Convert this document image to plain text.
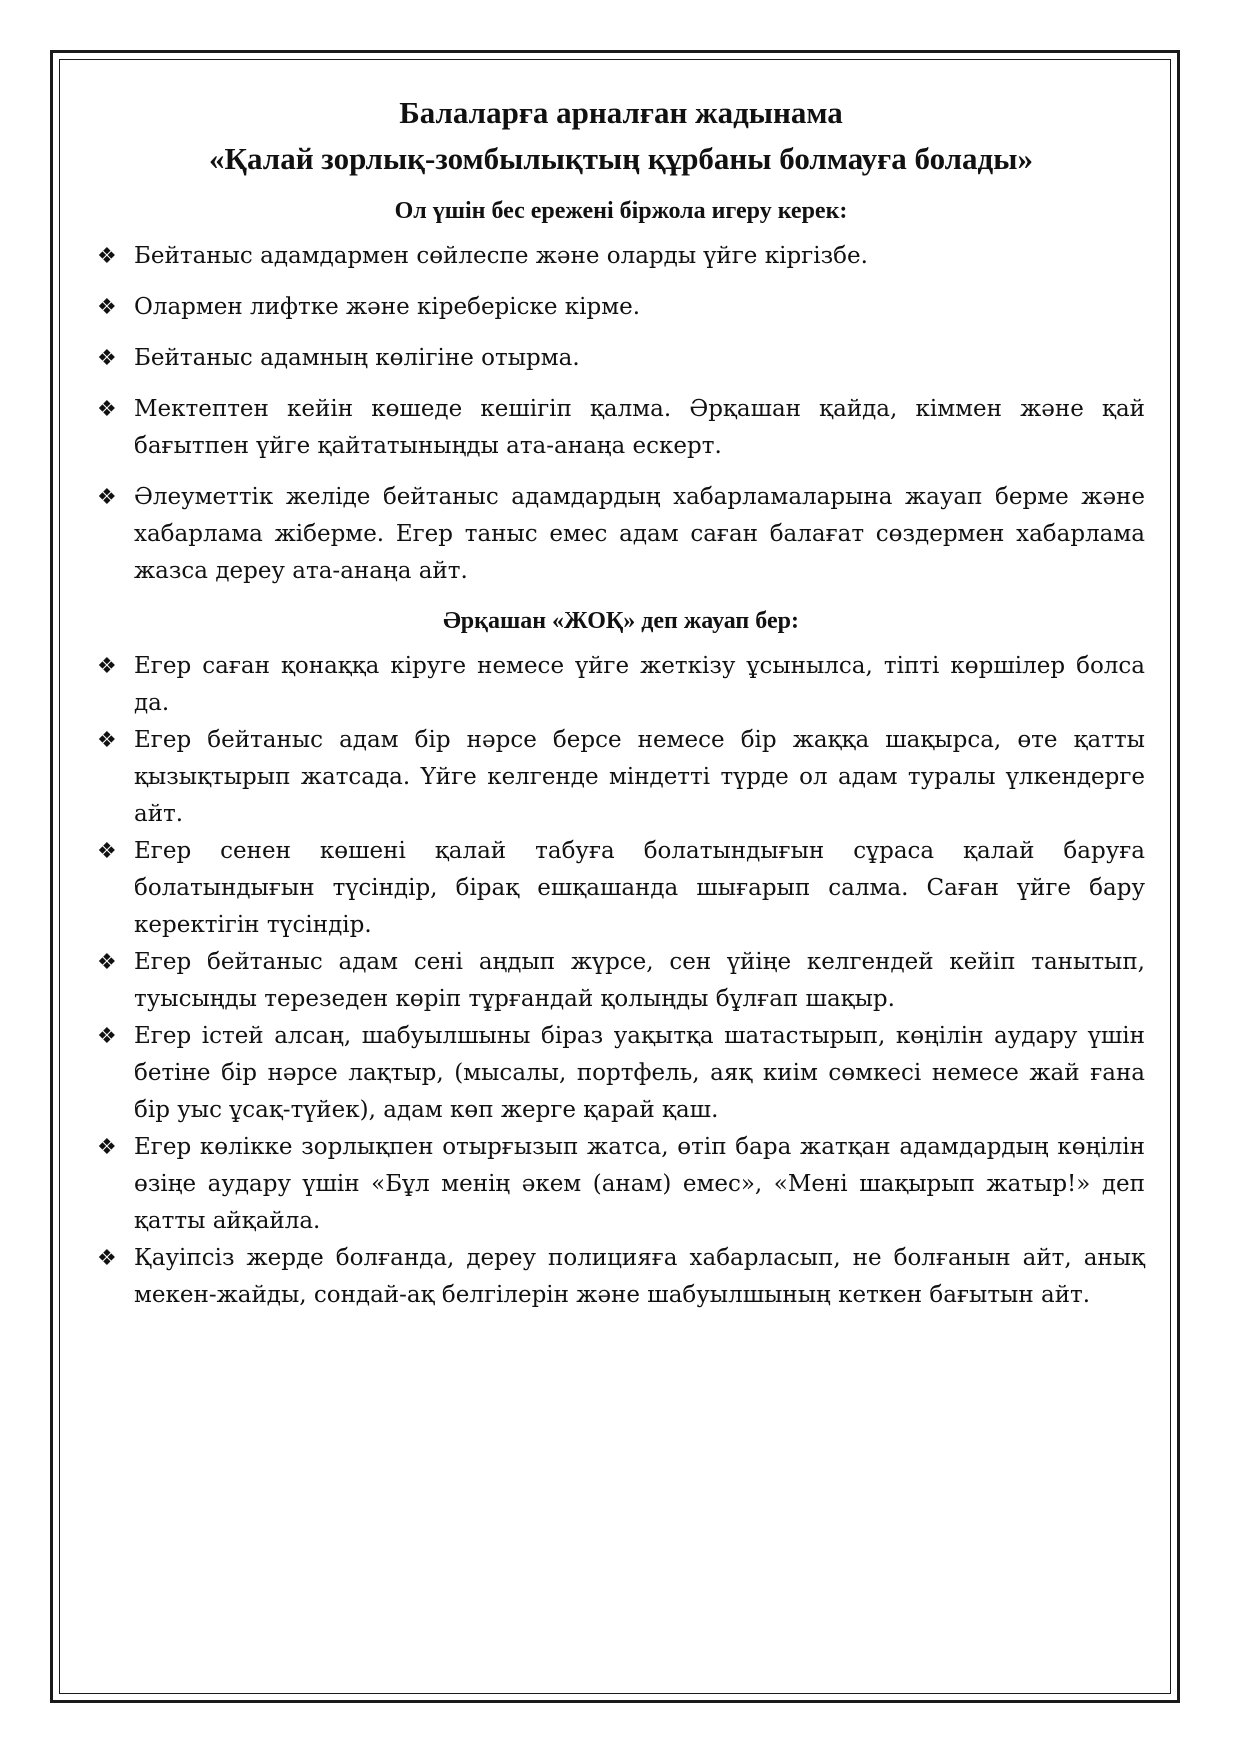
Балаларға арналған жадынама
«Қалай зорлық-зомбылықтың құрбаны болмауға болады»
Ол үшін бес ережені біржола игеру керек:
❖ Бейтаныс адамдармен сөйлеспе және оларды үйге кіргізбе.
❖ Олармен лифтке және кіреберіске кірме.
❖ Бейтаныс адамның көлігіне отырма.
❖ Мектептен кейін көшеде кешігіп қалма. Әрқашан қайда, кіммен және қай бағытпен үйге қайтатыныңды ата-анаңа ескерт.
❖ Әлеуметтік желіде бейтаныс адамдардың хабарламаларына жауап берме және хабарлама жіберме. Егер таныс емес адам саған балағат сөздермен хабарлама жазса дереу ата-анаңа айт.
Әрқашан «ЖОҚ» деп жауап бер:
❖ Егер саған қонаққа кіруге немесе үйге жеткізу ұсынылса, тіпті көршілер болса да.
❖ Егер бейтаныс адам бір нәрсе берсе немесе бір жаққа шақырса, өте қатты қызықтырып жатсада. Үйге келгенде міндетті түрде ол адам туралы үлкендерге айт.
❖ Егер сенен көшені қалай табуға болатындығын сұраса қалай баруға болатындығын түсіндір, бірақ ешқашанда шығарып салма. Саған үйге бару керектігін түсіндір.
❖ Егер бейтаныс адам сені аңдып жүрсе, сен үйіңе келгендей кейіп танытып, туысыңды терезеден көріп тұрғандай қолыңды бұлғап шақыр.
❖ Егер істей алсаң, шабуылшыны біраз уақытқа шатастырып, көңілін аудару үшін бетіне бір нәрсе лақтыр, (мысалы, портфель, аяқ киім сөмкесі немесе жай ғана бір уыс ұсақ-түйек), адам көп жерге қарай қаш.
❖ Егер көлікке зорлықпен отырғызып жатса, өтіп бара жатқан адамдардың көңілін өзіңе аудару үшін «Бұл менің әкем (анам) емес», «Мені шақырып жатыр!» деп қатты айқайла.
❖ Қауіпсіз жерде болғанда, дереу полицияға хабарласып, не болғанын айт, анық мекен-жайды, сондай-ақ белгілерін және шабуылшының кеткен бағытын айт.
